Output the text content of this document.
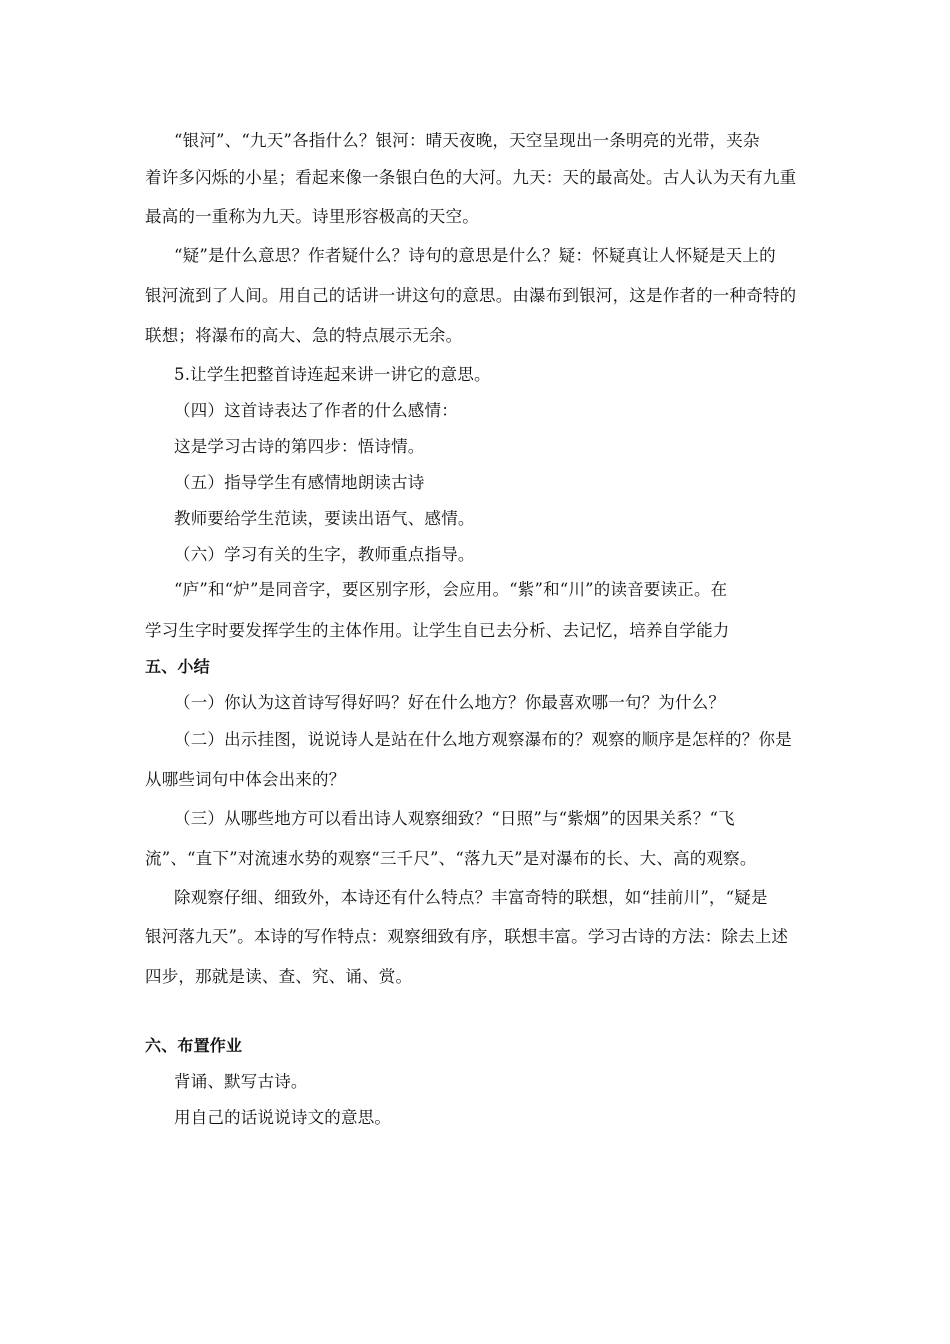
“银河”、“九天”各指什么？银河：晴天夜晚，天空呈现出一条明亮的光带，夹杂
着许多闪烁的小星；看起来像一条银白色的大河。九天：天的最高处。古人认为天有九重
最高的一重称为九天。诗里形容极高的天空。
“疑”是什么意思？作者疑什么？诗句的意思是什么？疑：怀疑真让人怀疑是天上的
银河流到了人间。用自己的话讲一讲这句的意思。由瀑布到银河，这是作者的一种奇特的
联想；将瀑布的高大、急的特点展示无余。
5.让学生把整首诗连起来讲一讲它的意思。
（四）这首诗表达了作者的什么感情：
这是学习古诗的第四步：悟诗情。
（五）指导学生有感情地朗读古诗
教师要给学生范读，要读出语气、感情。
（六）学习有关的生字，教师重点指导。
“庐”和“炉”是同音字，要区别字形，会应用。“紫”和“川”的读音要读正。在
学习生字时要发挥学生的主体作用。让学生自已去分析、去记忆，培养自学能力
五、小结
（一）你认为这首诗写得好吗？好在什么地方？你最喜欢哪一句？为什么？
（二）出示挂图，说说诗人是站在什么地方观察瀑布的？观察的顺序是怎样的？你是
从哪些词句中体会出来的？
（三）从哪些地方可以看出诗人观察细致？“日照”与“紫烟”的因果关系？“飞
流”、“直下”对流速水势的观察“三千尺”、“落九天”是对瀑布的长、大、高的观察。
除观察仔细、细致外，本诗还有什么特点？丰富奇特的联想，如“挂前川”，“疑是
银河落九天”。本诗的写作特点：观察细致有序，联想丰富。学习古诗的方法：除去上述
四步，那就是读、查、究、诵、赏。
六、布置作业
背诵、默写古诗。
用自己的话说说诗文的意思。
